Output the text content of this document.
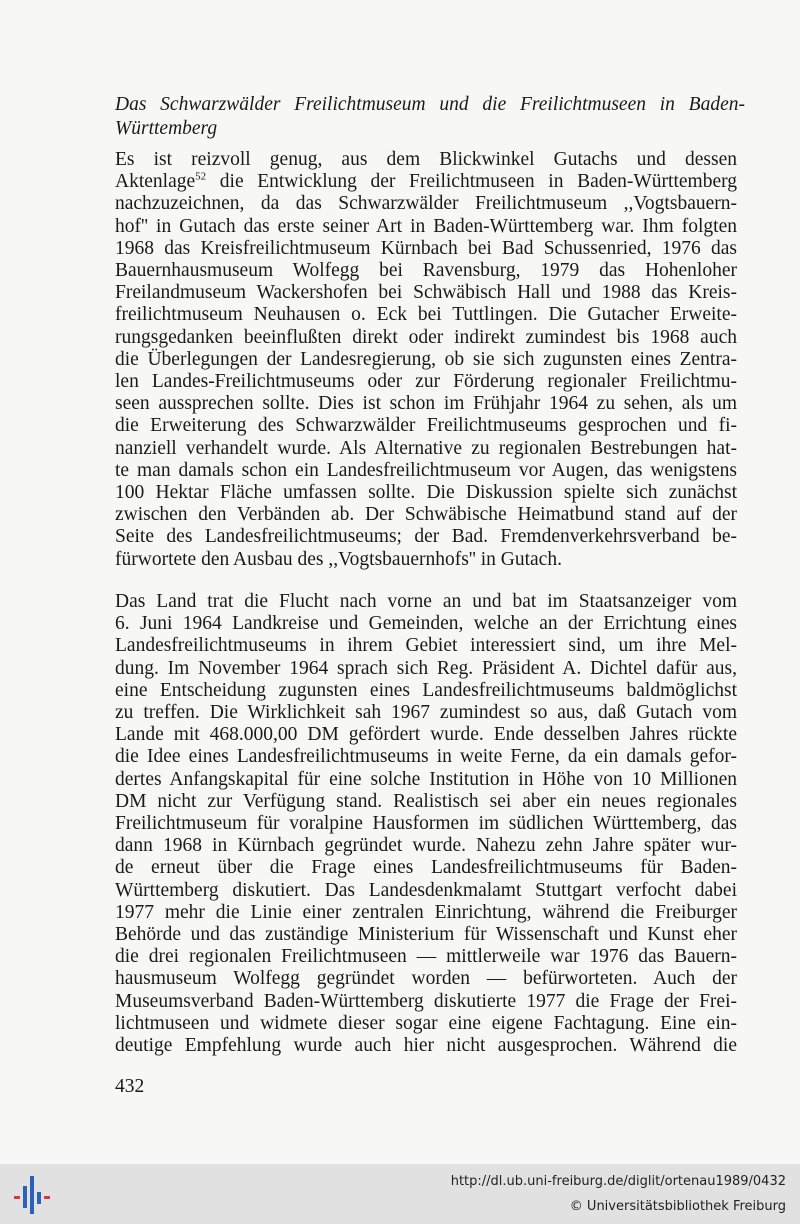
Das Schwarzwälder Freilichtmuseum und die Freilichtmuseen in Baden-Württemberg
Es ist reizvoll genug, aus dem Blickwinkel Gutachs und dessen
Aktenlage$^{52}$ die Entwicklung der Freilichtmuseen in Baden-Württemberg
nachzuzeichnen, da das Schwarzwälder Freilichtmuseum ,,Vogtsbauern-
hof'' in Gutach das erste seiner Art in Baden-Württemberg war. Ihm folgten
1968 das Kreisfreilichtmuseum Kürnbach bei Bad Schussenried, 1976 das
Bauernhausmuseum Wolfegg bei Ravensburg, 1979 das Hohenloher
Freilandmuseum Wackershofen bei Schwäbisch Hall und 1988 das Kreis-
freilichtmuseum Neuhausen o. Eck bei Tuttlingen. Die Gutacher Erweite-
rungsgedanken beeinflußten direkt oder indirekt zumindest bis 1968 auch
die Überlegungen der Landesregierung, ob sie sich zugunsten eines Zentra-
len Landes-Freilichtmuseums oder zur Förderung regionaler Freilichtmu-
seen aussprechen sollte. Dies ist schon im Frühjahr 1964 zu sehen, als um
die Erweiterung des Schwarzwälder Freilichtmuseums gesprochen und fi-
nanziell verhandelt wurde. Als Alternative zu regionalen Bestrebungen hat-
te man damals schon ein Landesfreilichtmuseum vor Augen, das wenigstens
100 Hektar Fläche umfassen sollte. Die Diskussion spielte sich zunächst
zwischen den Verbänden ab. Der Schwäbische Heimatbund stand auf der
Seite des Landesfreilichtmuseums; der Bad. Fremdenverkehrsverband be-
fürwortete den Ausbau des ,,Vogtsbauernhofs'' in Gutach.
Das Land trat die Flucht nach vorne an und bat im Staatsanzeiger vom
6. Juni 1964 Landkreise und Gemeinden, welche an der Errichtung eines
Landesfreilichtmuseums in ihrem Gebiet interessiert sind, um ihre Mel-
dung. Im November 1964 sprach sich Reg. Präsident A. Dichtel dafür aus,
eine Entscheidung zugunsten eines Landesfreilichtmuseums baldmöglichst
zu treffen. Die Wirklichkeit sah 1967 zumindest so aus, daß Gutach vom
Lande mit 468.000,00 DM gefördert wurde. Ende desselben Jahres rückte
die Idee eines Landesfreilichtmuseums in weite Ferne, da ein damals gefor-
dertes Anfangskapital für eine solche Institution in Höhe von 10 Millionen
DM nicht zur Verfügung stand. Realistisch sei aber ein neues regionales
Freilichtmuseum für voralpine Hausformen im südlichen Württemberg, das
dann 1968 in Kürnbach gegründet wurde. Nahezu zehn Jahre später wur-
de erneut über die Frage eines Landesfreilichtmuseums für Baden-
Württemberg diskutiert. Das Landesdenkmalamt Stuttgart verfocht dabei
1977 mehr die Linie einer zentralen Einrichtung, während die Freiburger
Behörde und das zuständige Ministerium für Wissenschaft und Kunst eher
die drei regionalen Freilichtmuseen — mittlerweile war 1976 das Bauern-
hausmuseum Wolfegg gegründet worden — befürworteten. Auch der
Museumsverband Baden-Württemberg diskutierte 1977 die Frage der Frei-
lichtmuseen und widmete dieser sogar eine eigene Fachtagung. Eine ein-
deutige Empfehlung wurde auch hier nicht ausgesprochen. Während die
432
http://dl.ub.uni-freiburg.de/diglit/ortenau1989/0432
© Universitätsbibliothek Freiburg
